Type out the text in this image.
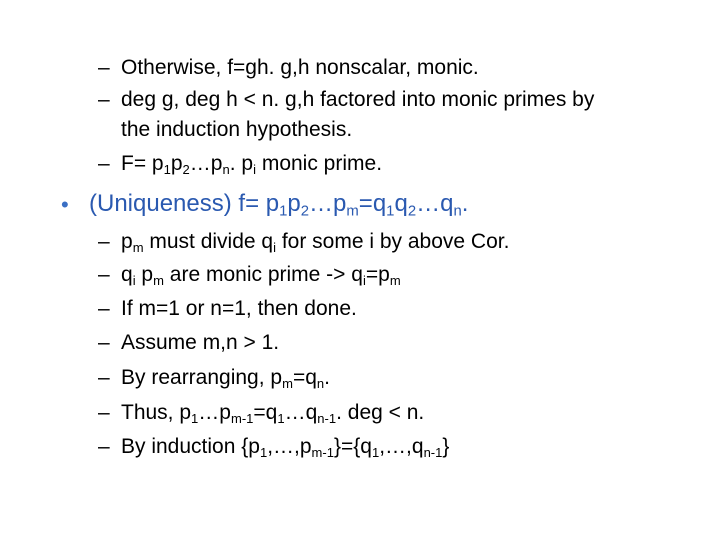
– Otherwise, f=gh. g,h nonscalar, monic.
– deg g, deg h < n. g,h factored into monic primes by
the induction hypothesis.
– $F= p_1p_2\dots p_n$. $p_i$ monic prime.
• (Uniqueness) $f= p_1p_2\dots p_m=q_1q_2\dots q_n$.
– $p_m$ must divide $q_i$ for some i by above Cor.
– $q_i$ $p_m$ are monic prime -> $q_i=p_m$
– If m=1 or n=1, then done.
– Assume m,n > 1.
– By rearranging, $p_m=q_n$.
– Thus, $p_1\dots p_{m-1}=q_1\dots q_{n-1}$. deg < n.
– By induction $\{p_1,\dots,p_{m-1}\}=\{q_1,\dots,q_{n-1}\}$
